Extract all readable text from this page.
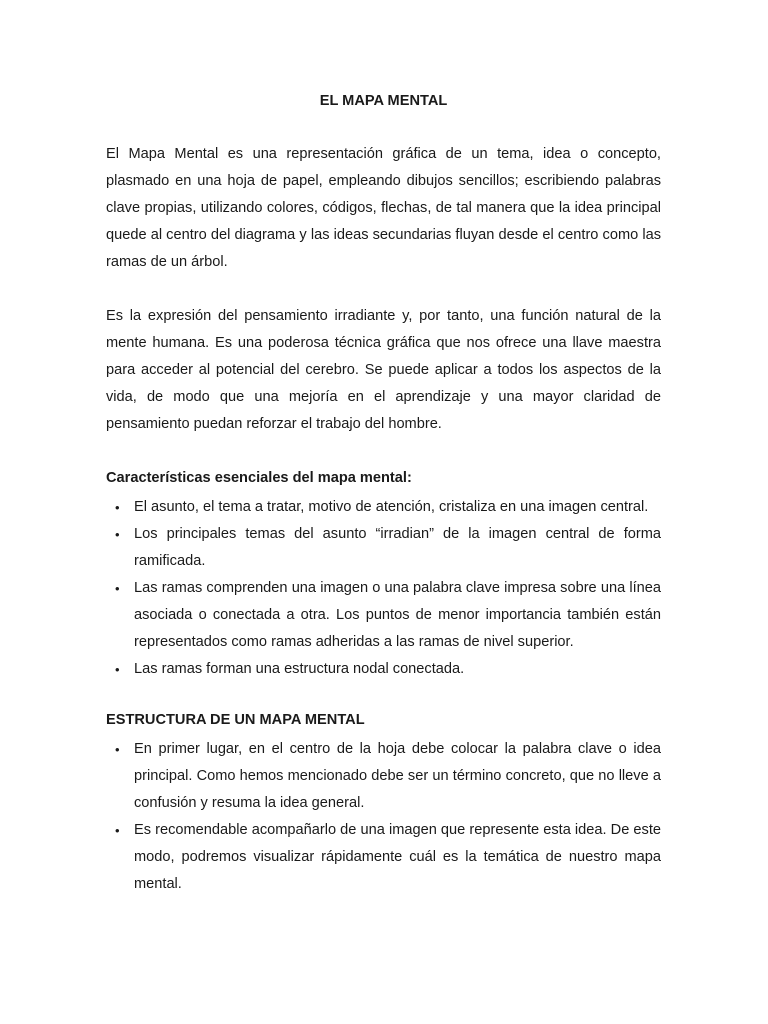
EL MAPA MENTAL

El Mapa Mental es una representación gráfica de un tema, idea o concepto, plasmado en una hoja de papel, empleando dibujos sencillos; escribiendo palabras clave propias, utilizando colores, códigos, flechas, de tal manera que la idea principal quede al centro del diagrama y las ideas secundarias fluyan desde el centro como las ramas de un árbol.

Es la expresión del pensamiento irradiante y, por tanto, una función natural de la mente humana. Es una poderosa técnica gráfica que nos ofrece una llave maestra para acceder al potencial del cerebro. Se puede aplicar a todos los aspectos de la vida, de modo que una mejoría en el aprendizaje y una mayor claridad de pensamiento puedan reforzar el trabajo del hombre.

Características esenciales del mapa mental:

• El asunto, el tema a tratar, motivo de atención, cristaliza en una imagen central.
• Los principales temas del asunto “irradian” de la imagen central de forma ramificada.
• Las ramas comprenden una imagen o una palabra clave impresa sobre una línea asociada o conectada a otra. Los puntos de menor importancia también están representados como ramas adheridas a las ramas de nivel superior.
• Las ramas forman una estructura nodal conectada.

ESTRUCTURA DE UN MAPA MENTAL

• En primer lugar, en el centro de la hoja debe colocar la palabra clave o idea principal. Como hemos mencionado debe ser un término concreto, que no lleve a confusión y resuma la idea general.
• Es recomendable acompañarlo de una imagen que represente esta idea. De este modo, podremos visualizar rápidamente cuál es la temática de nuestro mapa mental.
